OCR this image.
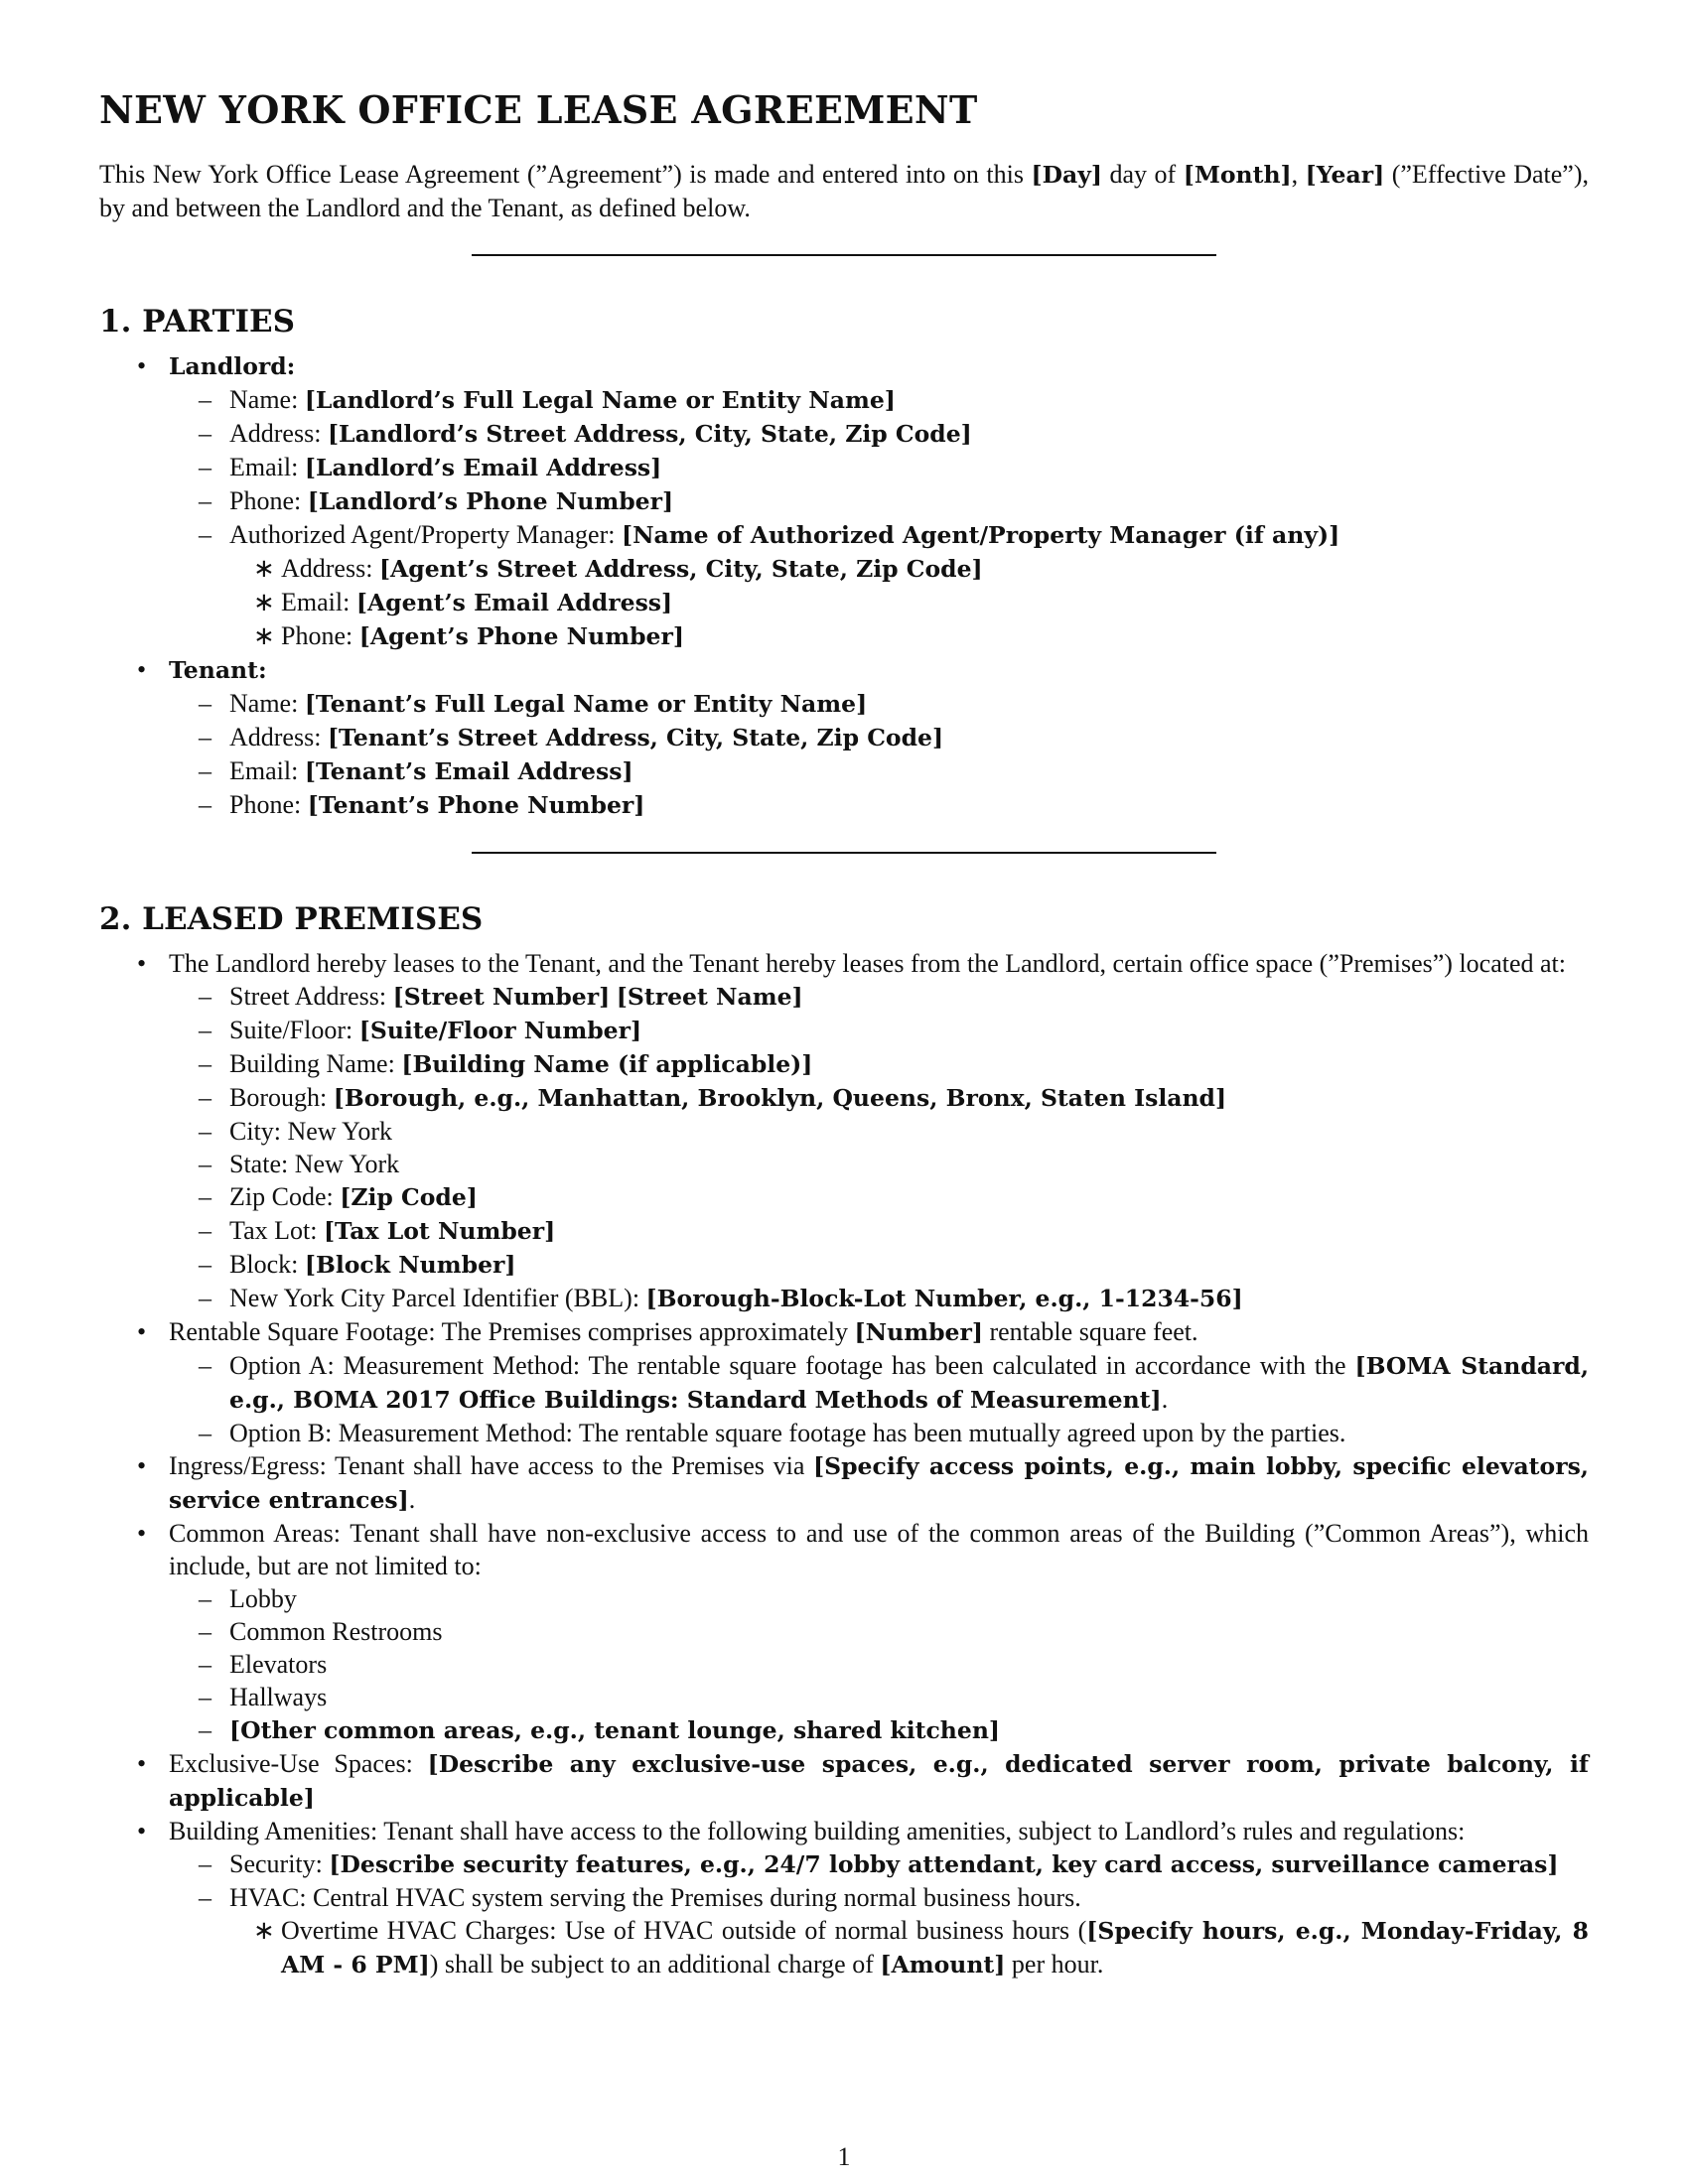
NEW YORK OFFICE LEASE AGREEMENT

This New York Office Lease Agreement (”Agreement”) is made and entered into on this [Day] day of [Month], [Year] (”Effective Date”), by and between the Landlord and the Tenant, as defined below.

1. PARTIES
• Landlord:
– Name: [Landlord’s Full Legal Name or Entity Name]
– Address: [Landlord’s Street Address, City, State, Zip Code]
– Email: [Landlord’s Email Address]
– Phone: [Landlord’s Phone Number]
– Authorized Agent/Property Manager: [Name of Authorized Agent/Property Manager (if any)]
∗ Address: [Agent’s Street Address, City, State, Zip Code]
∗ Email: [Agent’s Email Address]
∗ Phone: [Agent’s Phone Number]
• Tenant:
– Name: [Tenant’s Full Legal Name or Entity Name]
– Address: [Tenant’s Street Address, City, State, Zip Code]
– Email: [Tenant’s Email Address]
– Phone: [Tenant’s Phone Number]
2. LEASED PREMISES
• The Landlord hereby leases to the Tenant, and the Tenant hereby leases from the Landlord, certain office space (”Premises”) located at:
– Street Address: [Street Number] [Street Name]
– Suite/Floor: [Suite/Floor Number]
– Building Name: [Building Name (if applicable)]
– Borough: [Borough, e.g., Manhattan, Brooklyn, Queens, Bronx, Staten Island]
– City: New York
– State: New York
– Zip Code: [Zip Code]
– Tax Lot: [Tax Lot Number]
– Block: [Block Number]
– New York City Parcel Identifier (BBL): [Borough-Block-Lot Number, e.g., 1-1234-56]
• Rentable Square Footage: The Premises comprises approximately [Number] rentable square feet.
– Option A: Measurement Method: The rentable square footage has been calculated in accordance with the [BOMA Standard, e.g., BOMA 2017 Office Buildings: Standard Methods of Measurement].
– Option B: Measurement Method: The rentable square footage has been mutually agreed upon by the parties.
• Ingress/Egress: Tenant shall have access to the Premises via [Specify access points, e.g., main lobby, specific elevators, service entrances].
• Common Areas: Tenant shall have non-exclusive access to and use of the common areas of the Building (”Common Areas”), which include, but are not limited to:
– Lobby
– Common Restrooms
– Elevators
– Hallways
– [Other common areas, e.g., tenant lounge, shared kitchen]
• Exclusive-Use Spaces: [Describe any exclusive-use spaces, e.g., dedicated server room, private balcony, if applicable]
• Building Amenities: Tenant shall have access to the following building amenities, subject to Landlord’s rules and regulations:
– Security: [Describe security features, e.g., 24/7 lobby attendant, key card access, surveillance cameras]
– HVAC: Central HVAC system serving the Premises during normal business hours.
∗ Overtime HVAC Charges: Use of HVAC outside of normal business hours ([Specify hours, e.g., Monday-Friday, 8 AM - 6 PM]) shall be subject to an additional charge of [Amount] per hour.
1
